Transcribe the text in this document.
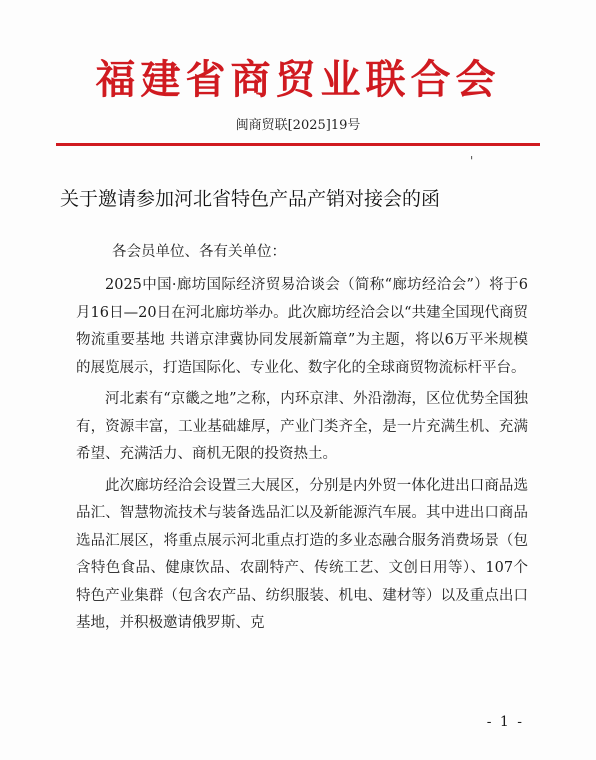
福建省商贸业联合会
闽商贸联[2025]19号
'
关于邀请参加河北省特色产品产销对接会的函
各会员单位、各有关单位：

2025中国·廊坊国际经济贸易洽谈会（简称“廊坊经洽会”）将于6月16日—20日在河北廊坊举办。此次廊坊经洽会以“共建全国现代商贸物流重要基地 共谱京津冀协同发展新篇章”为主题，将以6万平米规模的展览展示，打造国际化、专业化、数字化的全球商贸物流标杆平台。

河北素有“京畿之地”之称，内环京津、外沿渤海，区位优势全国独有，资源丰富，工业基础雄厚，产业门类齐全，是一片充满生机、充满希望、充满活力、商机无限的投资热土。

此次廊坊经洽会设置三大展区，分别是内外贸一体化进出口商品选品汇、智慧物流技术与装备选品汇以及新能源汽车展。其中进出口商品选品汇展区，将重点展示河北重点打造的多业态融合服务消费场景（包含特色食品、健康饮品、农副特产、传统工艺、文创日用等）、107个特色产业集群（包含农产品、纺织服装、机电、建材等）以及重点出口基地，并积极邀请俄罗斯、克

- 1 -
